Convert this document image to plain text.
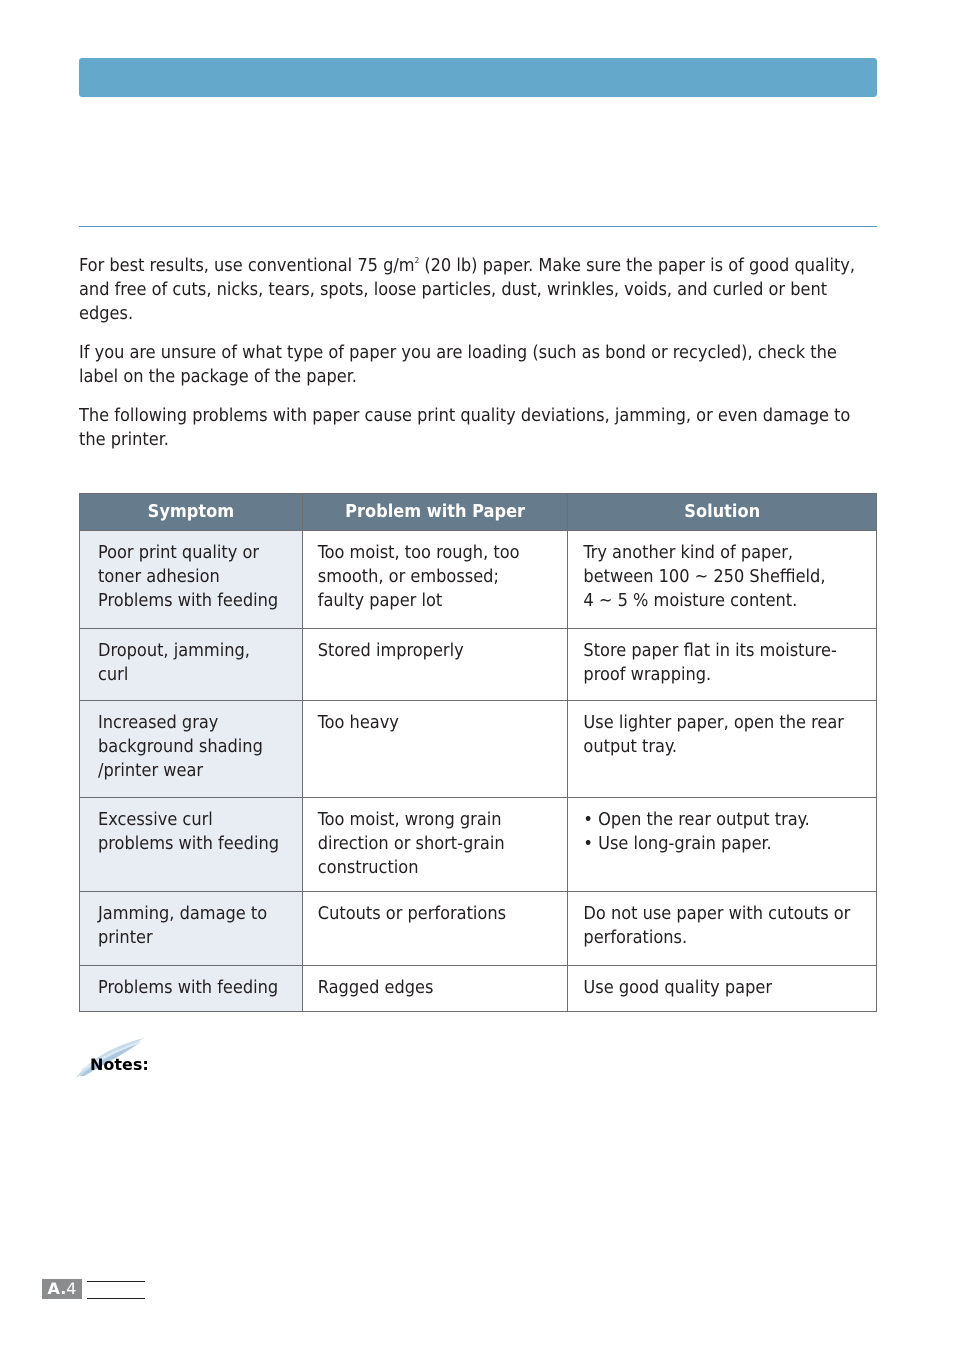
For best results, use conventional 75 $g/m^2$ (20 lb) paper. Make sure the paper is of good quality, and free of cuts, nicks, tears, spots, loose particles, dust, wrinkles, voids, and curled or bent edges.

If you are unsure of what type of paper you are loading (such as bond or recycled), check the label on the package of the paper.

The following problems with paper cause print quality deviations, jamming, or even damage to the printer.

Symptom	Problem with Paper	Solution

Poor print quality or
toner adhesion
Problems with feeding	Too moist, too rough, too
smooth, or embossed;
faulty paper lot	Try another kind of paper,
between 100 ~ 250 Sheffield,
4 ~ 5 % moisture content.

Dropout, jamming,
curl	Stored improperly	Store paper flat in its moisture-
proof wrapping.

Increased gray
background shading
/printer wear	Too heavy	Use lighter paper, open the rear
output tray.

Excessive curl
problems with feeding	Too moist, wrong grain
direction or short-grain
construction	• Open the rear output tray.
• Use long-grain paper.

Jamming, damage to
printer	Cutouts or perforations	Do not use paper with cutouts or
perforations.

Problems with feeding	Ragged edges	Use good quality paper
Notes:
A.4
